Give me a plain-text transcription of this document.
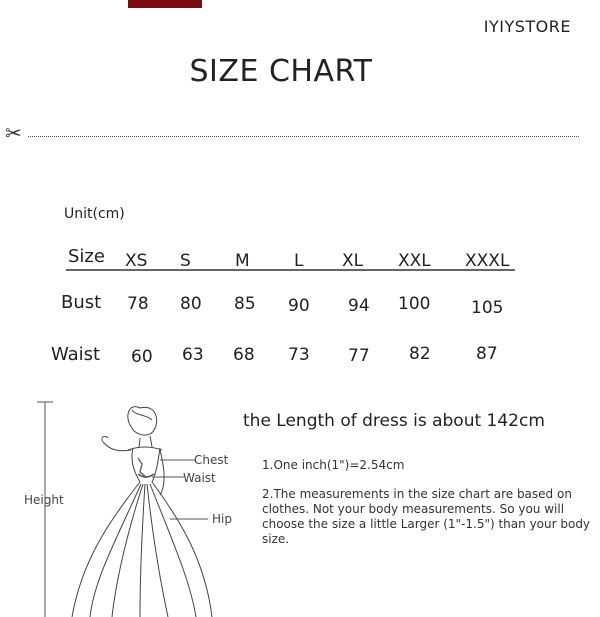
IYIYSTORE
SIZE CHART
✂
Unit(cm)
Size XS S	M	L XL XXL XXXL
Bust 78 80 85 90 94 100 105
Waist 60 63 68 73 77 82	87
Height
Chest
Waist
Hip
the Length of dress is about 142cm
1.One inch(1")=2.54cm
2.The measurements in the size chart are based on clothes. Not your body measurements. So you will choose the size a little Larger (1"-1.5") than your body size.
